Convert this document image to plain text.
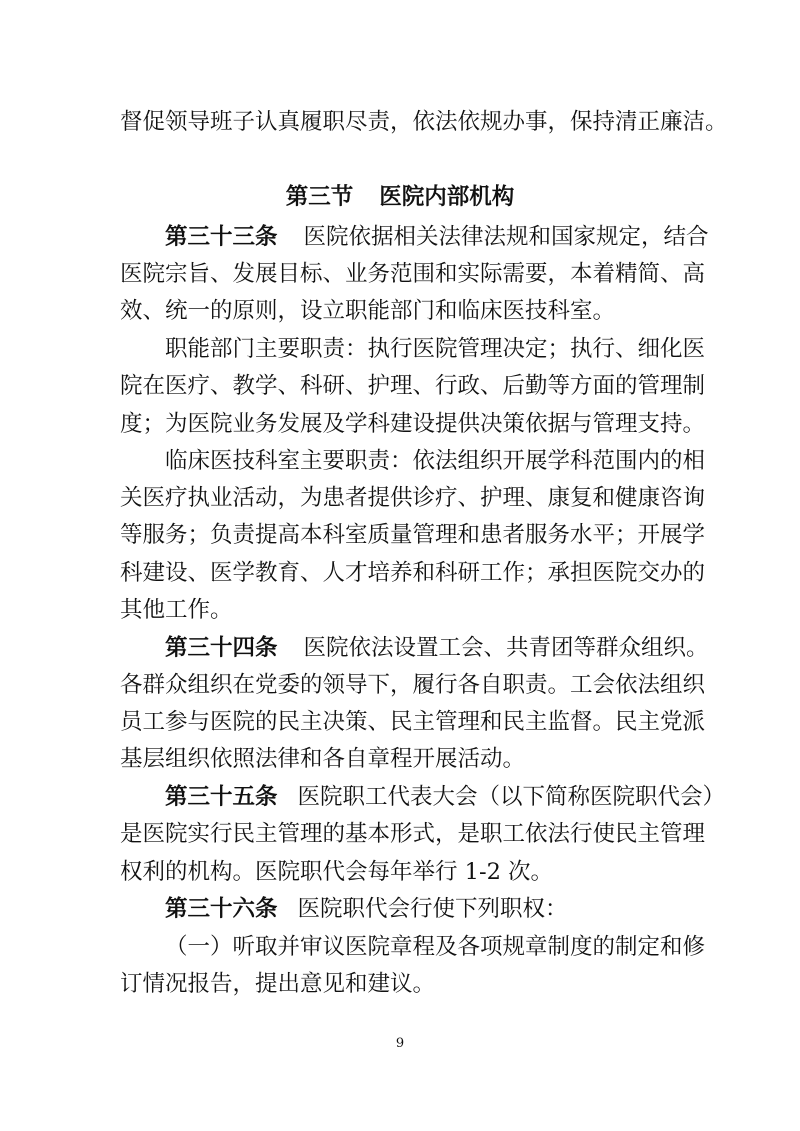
督促领导班子认真履职尽责，依法依规办事，保持清正廉洁。
第三节 医院内部机构
第三十三条 医院依据相关法律法规和国家规定，结合
医院宗旨、发展目标、业务范围和实际需要，本着精简、高
效、统一的原则，设立职能部门和临床医技科室。
职能部门主要职责：执行医院管理决定；执行、细化医
院在医疗、教学、科研、护理、行政、后勤等方面的管理制
度；为医院业务发展及学科建设提供决策依据与管理支持。
临床医技科室主要职责：依法组织开展学科范围内的相
关医疗执业活动，为患者提供诊疗、护理、康复和健康咨询
等服务；负责提高本科室质量管理和患者服务水平；开展学
科建设、医学教育、人才培养和科研工作；承担医院交办的
其他工作。
第三十四条 医院依法设置工会、共青团等群众组织。
各群众组织在党委的领导下，履行各自职责。工会依法组织
员工参与医院的民主决策、民主管理和民主监督。民主党派
基层组织依照法律和各自章程开展活动。
第三十五条 医院职工代表大会（以下简称医院职代会）
是医院实行民主管理的基本形式，是职工依法行使民主管理
权利的机构。医院职代会每年举行 1-2 次。
第三十六条 医院职代会行使下列职权：
（一）听取并审议医院章程及各项规章制度的制定和修
订情况报告，提出意见和建议。
9
